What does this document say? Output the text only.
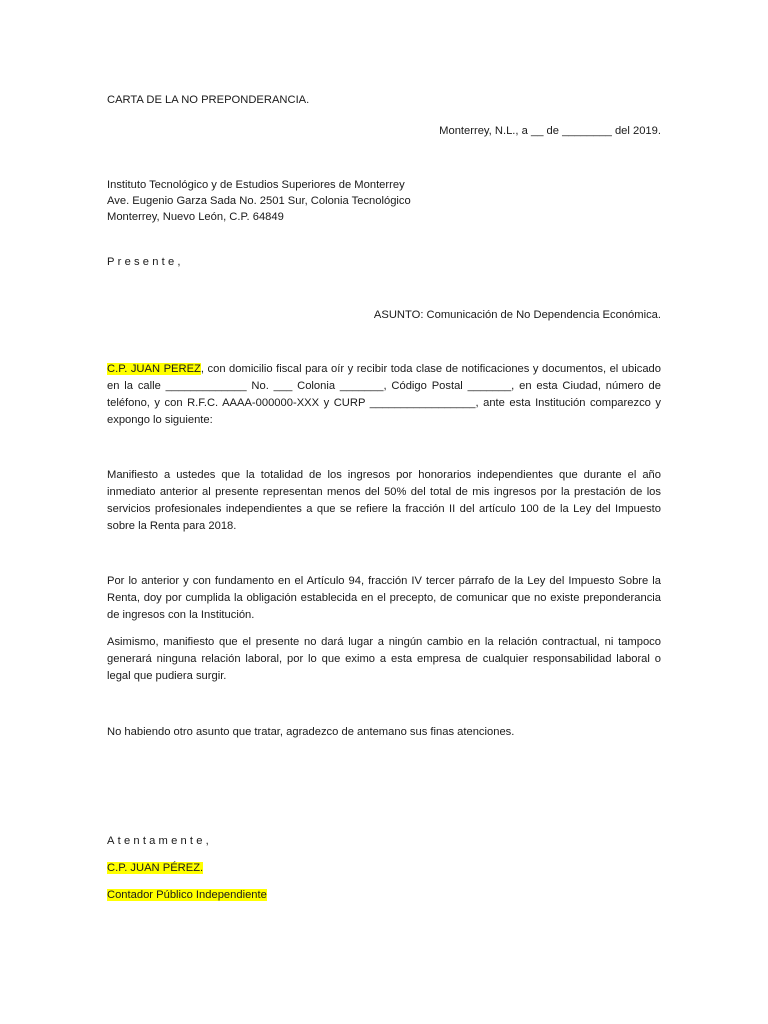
CARTA DE LA NO PREPONDERANCIA.
Monterrey, N.L., a __ de ________ del 2019.
Instituto Tecnológico y de Estudios Superiores de Monterrey
Ave. Eugenio Garza Sada No. 2501 Sur, Colonia Tecnológico
Monterrey, Nuevo León, C.P. 64849
Presente,
ASUNTO: Comunicación de No Dependencia Económica.

C.P. JUAN PEREZ, con domicilio fiscal para oír y recibir toda clase de notificaciones y documentos, el ubicado en la calle _____________ No. ___ Colonia _______, Código Postal _______, en esta Ciudad, número de teléfono, y con R.F.C. AAAA-000000-XXX y CURP _________________, ante esta Institución comparezco y expongo lo siguiente:

Manifiesto a ustedes que la totalidad de los ingresos por honorarios independientes que durante el año inmediato anterior al presente representan menos del 50% del total de mis ingresos por la prestación de los servicios profesionales independientes a que se refiere la fracción II del artículo 100 de la Ley del Impuesto sobre la Renta para 2018.

Por lo anterior y con fundamento en el Artículo 94, fracción IV tercer párrafo de la Ley del Impuesto Sobre la Renta, doy por cumplida la obligación establecida en el precepto, de comunicar que no existe preponderancia de ingresos con la Institución.

Asimismo, manifiesto que el presente no dará lugar a ningún cambio en la relación contractual, ni tampoco generará ninguna relación laboral, por lo que eximo a esta empresa de cualquier responsabilidad laboral o legal que pudiera surgir.

No habiendo otro asunto que tratar, agradezco de antemano sus finas atenciones.

Atentamente,
C.P. JUAN PÉREZ.
Contador Público Independiente
